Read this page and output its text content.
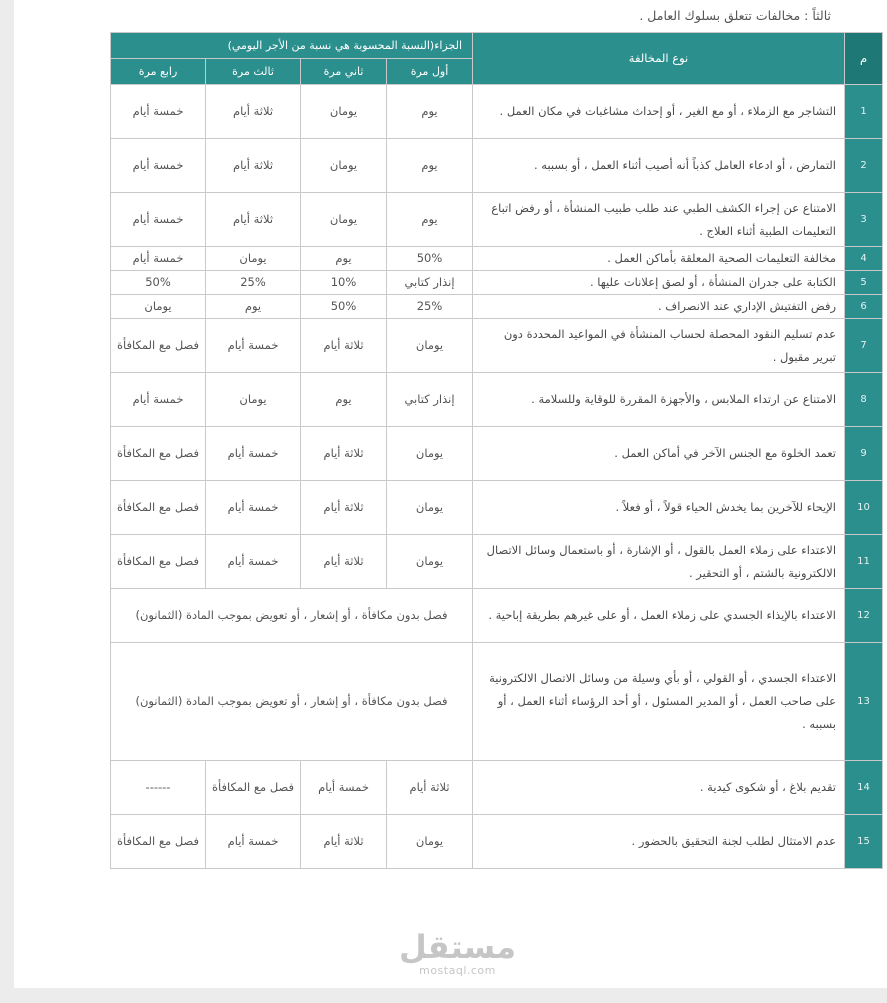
ثالثاً : مخالفات تتعلق بسلوك العامل .
م	نوع المخالفة	الجزاء(النسبة المحسوبة هي نسبة من الأجر اليومي)			
		أول مرة	ثاني مرة	ثالث مرة	رابع مرة
1	التشاجر مع الزملاء ، أو مع الغير ، أو إحداث مشاغبات في مكان العمل .	يوم	يومان	ثلاثة أيام	خمسة أيام
2	التمارض ، أو ادعاء العامل كذباً أنه أصيب أثناء العمل ، أو بسببه .	يوم	يومان	ثلاثة أيام	خمسة أيام
3	الامتناع عن إجراء الكشف الطبي عند طلب طبيب المنشأة ، أو رفض اتباع التعليمات الطبية أثناء العلاج .	يوم	يومان	ثلاثة أيام	خمسة أيام
4	مخالفة التعليمات الصحية المعلقة بأماكن العمل .	50%	يوم	يومان	خمسة أيام
5	الكتابة على جدران المنشأة ، أو لصق إعلانات عليها .	إنذار كتابي	10%	25%	50%
6	رفض التفتيش الإداري عند الانصراف .	25%	50%	يوم	يومان
7	عدم تسليم النقود المحصلة لحساب المنشأة في المواعيد المحددة دون تبرير مقبول .	يومان	ثلاثة أيام	خمسة أيام	فصل مع المكافأة
8	الامتناع عن ارتداء الملابس ، والأجهزة المقررة للوقاية وللسلامة .	إنذار كتابي	يوم	يومان	خمسة أيام
9	تعمد الخلوة مع الجنس الآخر في أماكن العمل .	يومان	ثلاثة أيام	خمسة أيام	فصل مع المكافأة
10	الإيحاء للآخرين بما يخدش الحياء قولاً ، أو فعلاً .	يومان	ثلاثة أيام	خمسة أيام	فصل مع المكافأة
11	الاعتداء على زملاء العمل بالقول ، أو الإشارة ، أو باستعمال وسائل الاتصال الالكترونية بالشتم ، أو التحقير .	يومان	ثلاثة أيام	خمسة أيام	فصل مع المكافأة
12	الاعتداء بالإيذاء الجسدي على زملاء العمل ، أو على غيرهم بطريقة إباحية .	فصل بدون مكافأة ، أو إشعار ، أو تعويض بموجب المادة (الثمانون)			
13	الاعتداء الجسدي ، أو القولي ، أو بأي وسيلة من وسائل الاتصال الالكترونية على صاحب العمل ، أو المدير المسئول ، أو أحد الرؤساء أثناء العمل ، أو بسببه .	فصل بدون مكافأة ، أو إشعار ، أو تعويض بموجب المادة (الثمانون)			
14	تقديم بلاغ ، أو شكوى كيدية .	ثلاثة أيام	خمسة أيام	فصل مع المكافأة	------
15	عدم الامتثال لطلب لجنة التحقيق بالحضور .	يومان	ثلاثة أيام	خمسة أيام	فصل مع المكافأة
مستقل
mostaql.com
